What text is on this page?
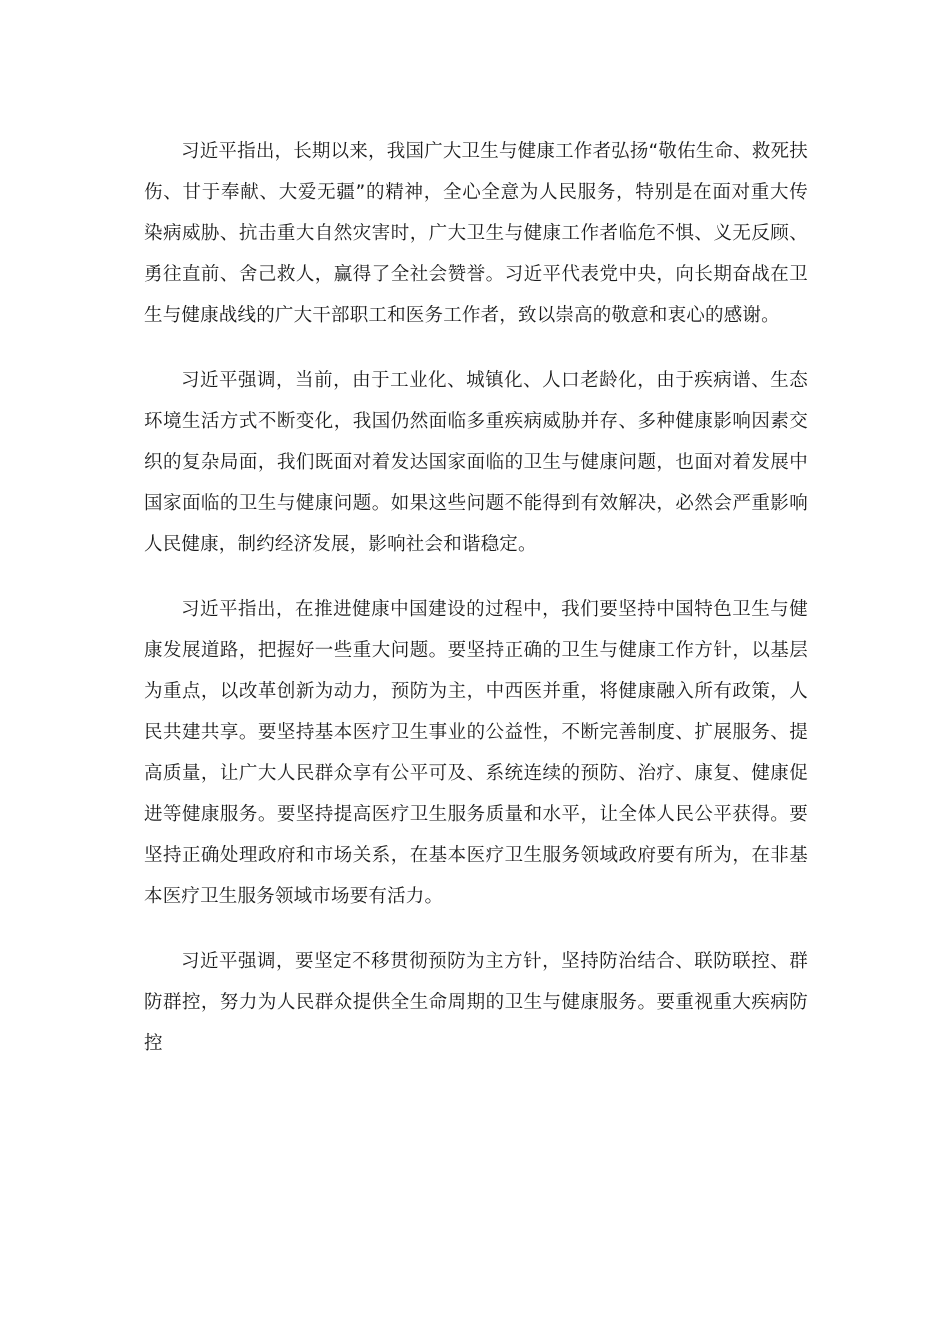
习近平指出，长期以来，我国广大卫生与健康工作者弘扬“敬佑生命、救死扶伤、甘于奉献、大爱无疆”的精神，全心全意为人民服务，特别是在面对重大传染病威胁、抗击重大自然灾害时，广大卫生与健康工作者临危不惧、义无反顾、勇往直前、舍己救人，赢得了全社会赞誉。习近平代表党中央，向长期奋战在卫生与健康战线的广大干部职工和医务工作者，致以崇高的敬意和衷心的感谢。

习近平强调，当前，由于工业化、城镇化、人口老龄化，由于疾病谱、生态环境生活方式不断变化，我国仍然面临多重疾病威胁并存、多种健康影响因素交织的复杂局面，我们既面对着发达国家面临的卫生与健康问题，也面对着发展中国家面临的卫生与健康问题。如果这些问题不能得到有效解决，必然会严重影响人民健康，制约经济发展，影响社会和谐稳定。

习近平指出，在推进健康中国建设的过程中，我们要坚持中国特色卫生与健康发展道路，把握好一些重大问题。要坚持正确的卫生与健康工作方针，以基层为重点，以改革创新为动力，预防为主，中西医并重，将健康融入所有政策，人民共建共享。要坚持基本医疗卫生事业的公益性，不断完善制度、扩展服务、提高质量，让广大人民群众享有公平可及、系统连续的预防、治疗、康复、健康促进等健康服务。要坚持提高医疗卫生服务质量和水平，让全体人民公平获得。要坚持正确处理政府和市场关系，在基本医疗卫生服务领域政府要有所为，在非基本医疗卫生服务领域市场要有活力。

习近平强调，要坚定不移贯彻预防为主方针，坚持防治结合、联防联控、群防群控，努力为人民群众提供全生命周期的卫生与健康服务。要重视重大疾病防控
